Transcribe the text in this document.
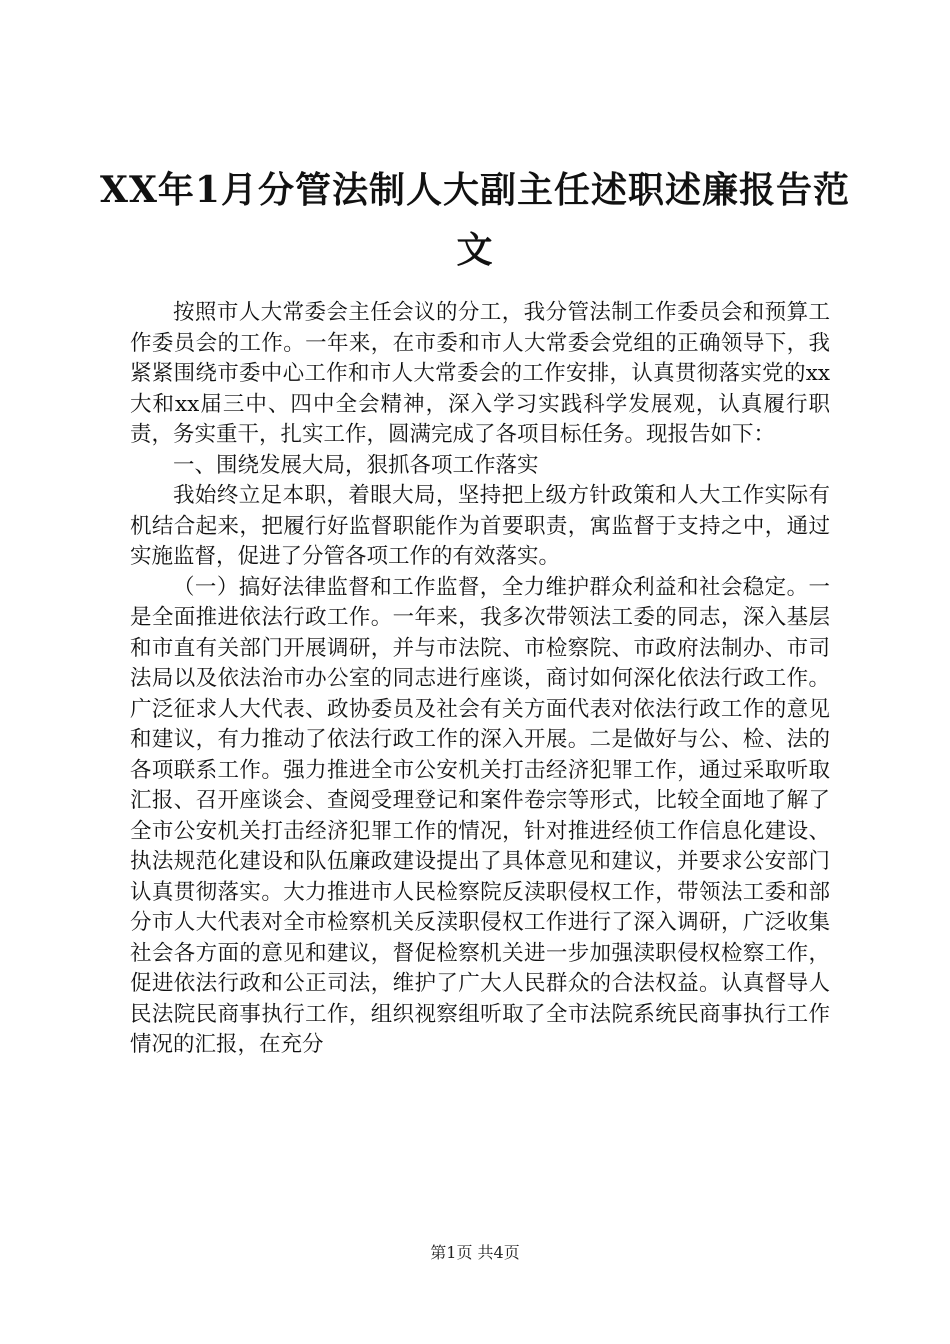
XX年1月分管法制人大副主任述职述廉报告范文

按照市人大常委会主任会议的分工，我分管法制工作委员会和预算工作委员会的工作。一年来，在市委和市人大常委会党组的正确领导下，我紧紧围绕市委中心工作和市人大常委会的工作安排，认真贯彻落实党的xx大和xx届三中、四中全会精神，深入学习实践科学发展观，认真履行职责，务实重干，扎实工作，圆满完成了各项目标任务。现报告如下：

一、围绕发展大局，狠抓各项工作落实

我始终立足本职，着眼大局，坚持把上级方针政策和人大工作实际有机结合起来，把履行好监督职能作为首要职责，寓监督于支持之中，通过实施监督，促进了分管各项工作的有效落实。

（一）搞好法律监督和工作监督，全力维护群众利益和社会稳定。一是全面推进依法行政工作。一年来，我多次带领法工委的同志，深入基层和市直有关部门开展调研，并与市法院、市检察院、市政府法制办、市司法局以及依法治市办公室的同志进行座谈，商讨如何深化依法行政工作。广泛征求人大代表、政协委员及社会有关方面代表对依法行政工作的意见和建议，有力推动了依法行政工作的深入开展。二是做好与公、检、法的各项联系工作。强力推进全市公安机关打击经济犯罪工作，通过采取听取汇报、召开座谈会、查阅受理登记和案件卷宗等形式，比较全面地了解了全市公安机关打击经济犯罪工作的情况，针对推进经侦工作信息化建设、执法规范化建设和队伍廉政建设提出了具体意见和建议，并要求公安部门认真贯彻落实。大力推进市人民检察院反渎职侵权工作，带领法工委和部分市人大代表对全市检察机关反渎职侵权工作进行了深入调研，广泛收集社会各方面的意见和建议，督促检察机关进一步加强渎职侵权检察工作，促进依法行政和公正司法，维护了广大人民群众的合法权益。认真督导人民法院民商事执行工作，组织视察组听取了全市法院系统民商事执行工作情况的汇报，在充分

第1页 共4页
